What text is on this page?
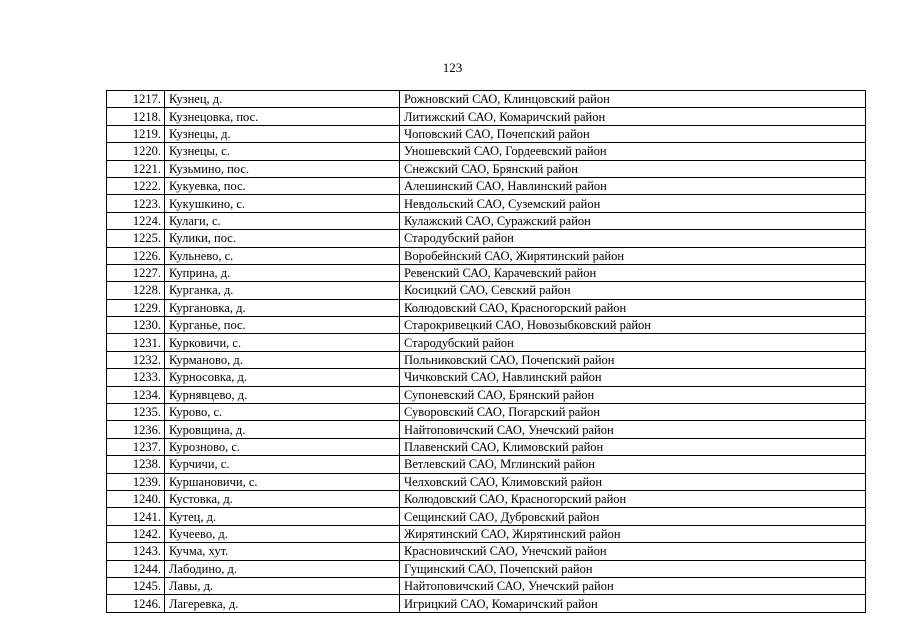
123
1217.	Кузнец, д.	Рожновский САО, Клинцовский район
1218.	Кузнецовка, пос.	Литижский САО, Комаричский район
1219.	Кузнецы, д.	Чоповский САО, Почепский район
1220.	Кузнецы, с.	Уношевский САО, Гордеевский район
1221.	Кузьмино, пос.	Снежский САО, Брянский район
1222.	Кукуевка, пос.	Алешинский САО, Навлинский район
1223.	Кукушкино, с.	Невдольский САО, Суземский район
1224.	Кулаги, с.	Кулажский САО, Суражский район
1225.	Кулики, пос.	Стародубский район
1226.	Кульнево, с.	Воробейнский САО, Жирятинский район
1227.	Куприна, д.	Ревенский САО, Карачевский район
1228.	Курганка, д.	Косицкий САО, Севский район
1229.	Кургановка, д.	Колюдовский САО, Красногорский район
1230.	Курганье, пос.	Старокривецкий САО, Новозыбковский район
1231.	Курковичи, с.	Стародубский район
1232.	Курманово, д.	Польниковский САО, Почепский район
1233.	Курносовка, д.	Чичковский САО, Навлинский район
1234.	Курнявцево, д.	Супоневский САО, Брянский район
1235.	Курово, с.	Суворовский САО, Погарский район
1236.	Куровщина, д.	Найтоповичский САО, Унечский район
1237.	Курозново, с.	Плавенский САО, Климовский район
1238.	Курчичи, с.	Ветлевский САО, Мглинский район
1239.	Куршановичи, с.	Челховский САО, Климовский район
1240.	Кустовка, д.	Колюдовский САО, Красногорский район
1241.	Кутец, д.	Сещинский САО, Дубровский район
1242.	Кучеево, д.	Жирятинский САО, Жирятинский район
1243.	Кучма, хут.	Красновичский САО, Унечский район
1244.	Лабодино, д.	Гущинский САО, Почепский район
1245.	Лавы, д.	Найтоповичский САО, Унечский район
1246.	Лагеревка, д.	Игрицкий САО, Комаричский район
